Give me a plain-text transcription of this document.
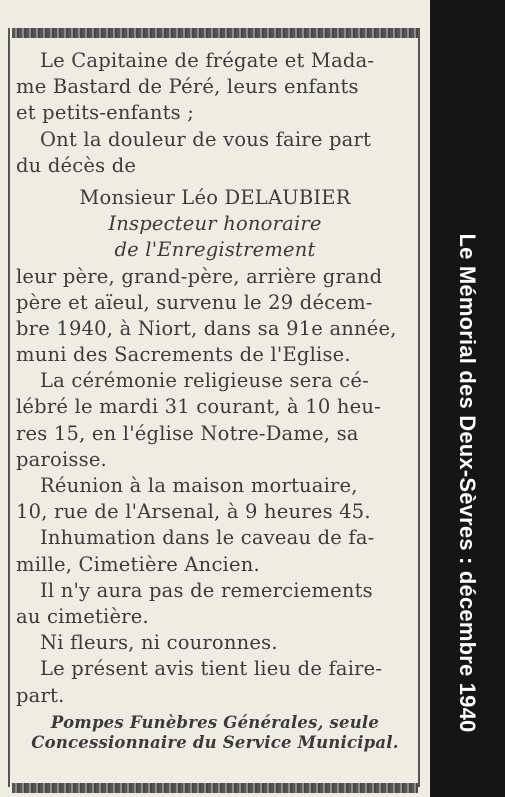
Le Capitaine de frégate et Mada-
me Bastard de Péré, leurs enfants
et petits-enfants ;
Ont la douleur de vous faire part
du décès de
Monsieur Léo DELAUBIER
Inspecteur honoraire
de l'Enregistrement
leur père, grand-père, arrière grand
père et aïeul, survenu le 29 décem-
bre 1940, à Niort, dans sa 91e année,
muni des Sacrements de l'Eglise.
La cérémonie religieuse sera cé-
lébré le mardi 31 courant, à 10 heu-
res 15, en l'église Notre-Dame, sa
paroisse.
Réunion à la maison mortuaire,
10, rue de l'Arsenal, à 9 heures 45.
Inhumation dans le caveau de fa-
mille, Cimetière Ancien.
Il n'y aura pas de remerciements
au cimetière.
Ni fleurs, ni couronnes.
Le présent avis tient lieu de faire-
part.
Pompes Funèbres Générales, seule
Concessionnaire du Service Municipal.
Le Mémorial des Deux-Sèvres : décembre 1940
